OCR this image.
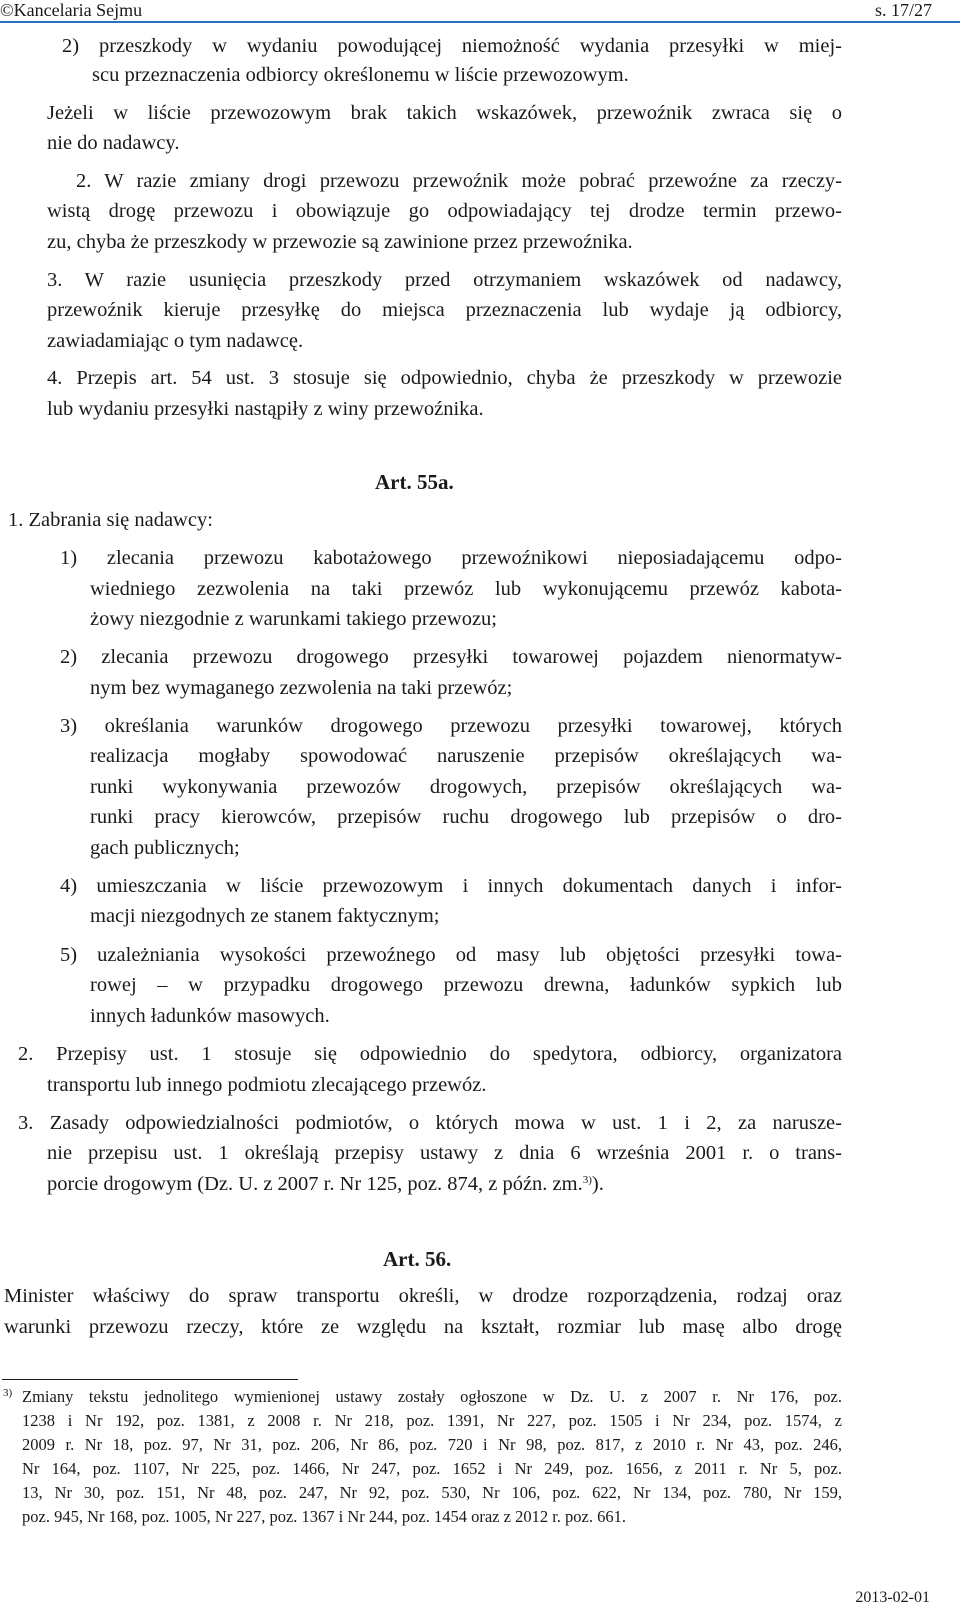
©Kancelaria Sejmu	s. 17/27
2) przeszkody w wydaniu powodującej niemożność wydania przesyłki w miej-
scu przeznaczenia odbiorcy określonemu w liście przewozowym.
Jeżeli w liście przewozowym brak takich wskazówek, przewoźnik zwraca się o
nie do nadawcy.
2. W razie zmiany drogi przewozu przewoźnik może pobrać przewoźne za rzeczy-
wistą drogę przewozu i obowiązuje go odpowiadający tej drodze termin przewo-
zu, chyba że przeszkody w przewozie są zawinione przez przewoźnika.
3. W razie usunięcia przeszkody przed otrzymaniem wskazówek od nadawcy,
przewoźnik kieruje przesyłkę do miejsca przeznaczenia lub wydaje ją odbiorcy,
zawiadamiając o tym nadawcę.
4. Przepis art. 54 ust. 3 stosuje się odpowiednio, chyba że przeszkody w przewozie
lub wydaniu przesyłki nastąpiły z winy przewoźnika.
Art. 55a.
1. Zabrania się nadawcy:
1) zlecania przewozu kabotażowego przewoźnikowi nieposiadającemu odpo-
wiedniego zezwolenia na taki przewóz lub wykonującemu przewóz kabota-
żowy niezgodnie z warunkami takiego przewozu;
2) zlecania przewozu drogowego przesyłki towarowej pojazdem nienormatyw-
nym bez wymaganego zezwolenia na taki przewóz;
3) określania warunków drogowego przewozu przesyłki towarowej, których
realizacja mogłaby spowodować naruszenie przepisów określających wa-
runki wykonywania przewozów drogowych, przepisów określających wa-
runki pracy kierowców, przepisów ruchu drogowego lub przepisów o dro-
gach publicznych;
4) umieszczania w liście przewozowym i innych dokumentach danych i infor-
macji niezgodnych ze stanem faktycznym;
5) uzależniania wysokości przewoźnego od masy lub objętości przesyłki towa-
rowej – w przypadku drogowego przewozu drewna, ładunków sypkich lub
innych ładunków masowych.
2. Przepisy ust. 1 stosuje się odpowiednio do spedytora, odbiorcy, organizatora
transportu lub innego podmiotu zlecającego przewóz.
3. Zasady odpowiedzialności podmiotów, o których mowa w ust. 1 i 2, za narusze-
nie przepisu ust. 1 określają przepisy ustawy z dnia 6 września 2001 r. o trans-
porcie drogowym (Dz. U. z 2007 r. Nr 125, poz. 874, z późn. zm.$^{3)}$).
Art. 56.
Minister właściwy do spraw transportu określi, w drodze rozporządzenia, rodzaj oraz
warunki przewozu rzeczy, które ze względu na kształt, rozmiar lub masę albo drogę
3) Zmiany tekstu jednolitego wymienionej ustawy zostały ogłoszone w Dz. U. z 2007 r. Nr 176, poz.
1238 i Nr 192, poz. 1381, z 2008 r. Nr 218, poz. 1391, Nr 227, poz. 1505 i Nr 234, poz. 1574, z
2009 r. Nr 18, poz. 97, Nr 31, poz. 206, Nr 86, poz. 720 i Nr 98, poz. 817, z 2010 r. Nr 43, poz. 246,
Nr 164, poz. 1107, Nr 225, poz. 1466, Nr 247, poz. 1652 i Nr 249, poz. 1656, z 2011 r. Nr 5, poz.
13, Nr 30, poz. 151, Nr 48, poz. 247, Nr 92, poz. 530, Nr 106, poz. 622, Nr 134, poz. 780, Nr 159,
poz. 945, Nr 168, poz. 1005, Nr 227, poz. 1367 i Nr 244, poz. 1454 oraz z 2012 r. poz. 661.
2013-02-01
